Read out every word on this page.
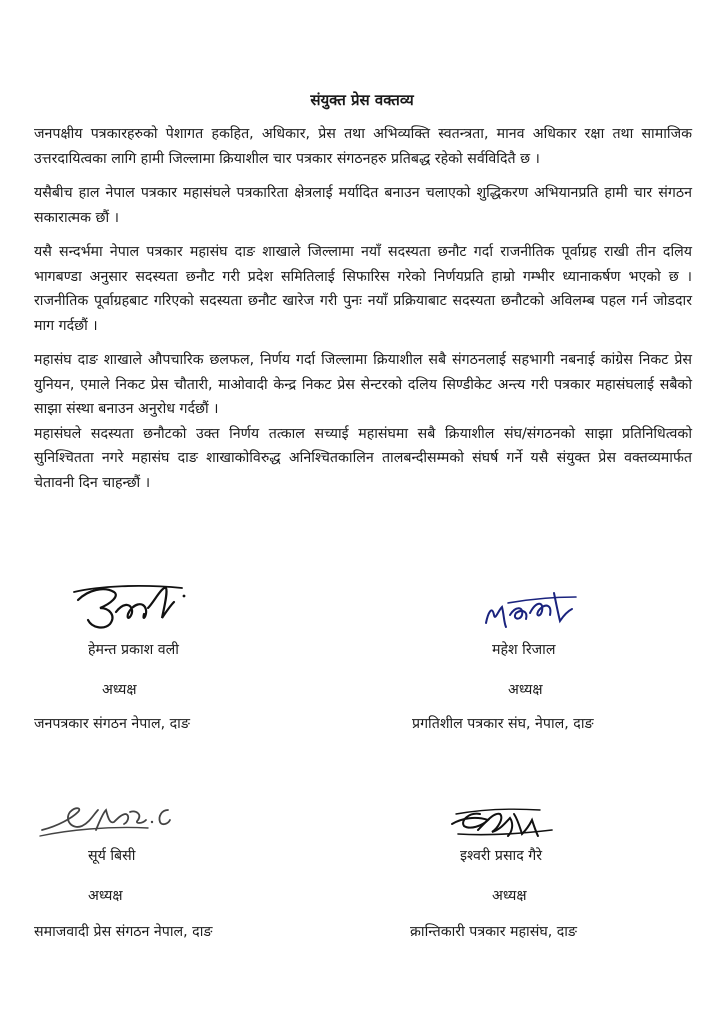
संयुक्त प्रेस वक्तव्य

जनपक्षीय पत्रकारहरुको पेशागत हकहित, अधिकार, प्रेस तथा अभिव्यक्ति स्वतन्त्रता, मानव अधिकार रक्षा तथा सामाजिक उत्तरदायित्वका लागि हामी जिल्लामा क्रियाशील चार पत्रकार संगठनहरु प्रतिबद्ध रहेको सर्वविदितै छ ।

यसैबीच हाल नेपाल पत्रकार महासंघले पत्रकारिता क्षेत्रलाई मर्यादित बनाउन चलाएको शुद्धिकरण अभियानप्रति हामी चार संगठन सकारात्मक छौं ।

यसै सन्दर्भमा नेपाल पत्रकार महासंघ दाङ शाखाले जिल्लामा नयाँ सदस्यता छनौट गर्दा राजनीतिक पूर्वाग्रह राखी तीन दलिय भागबण्डा अनुसार सदस्यता छनौट गरी प्रदेश समितिलाई सिफारिस गरेको निर्णयप्रति हाम्रो गम्भीर ध्यानाकर्षण भएको छ । राजनीतिक पूर्वाग्रहबाट गरिएको सदस्यता छनौट खारेज गरी पुनः नयाँ प्रक्रियाबाट सदस्यता छनौटको अविलम्ब पहल गर्न जोडदार माग गर्दछौं ।

महासंघ दाङ शाखाले औपचारिक छलफल, निर्णय गर्दा जिल्लामा क्रियाशील सबै संगठनलाई सहभागी नबनाई कांग्रेस निकट प्रेस युनियन, एमाले निकट प्रेस चौतारी, माओवादी केन्द्र निकट प्रेस सेन्टरको दलिय सिण्डीकेट अन्त्य गरी पत्रकार महासंघलाई सबैको साझा संस्था बनाउन अनुरोध गर्दछौं ।

महासंघले सदस्यता छनौटको उक्त निर्णय तत्काल सच्याई महासंघमा सबै क्रियाशील संघ/संगठनको साझा प्रतिनिधित्वको सुनिश्चितता नगरे महासंघ दाङ शाखाकोविरुद्ध अनिश्चितकालिन तालबन्दीसम्मको संघर्ष गर्ने यसै संयुक्त प्रेस वक्तव्यमार्फत चेतावनी दिन चाहन्छौं ।

हेमन्त प्रकाश वली
अध्यक्ष
जनपत्रकार संगठन नेपाल, दाङ
महेश रिजाल
अध्यक्ष
प्रगतिशील पत्रकार संघ, नेपाल, दाङ
सूर्य बिसी
अध्यक्ष
समाजवादी प्रेस संगठन नेपाल, दाङ
इश्वरी प्रसाद गैरे
अध्यक्ष
क्रान्तिकारी पत्रकार महासंघ, दाङ
